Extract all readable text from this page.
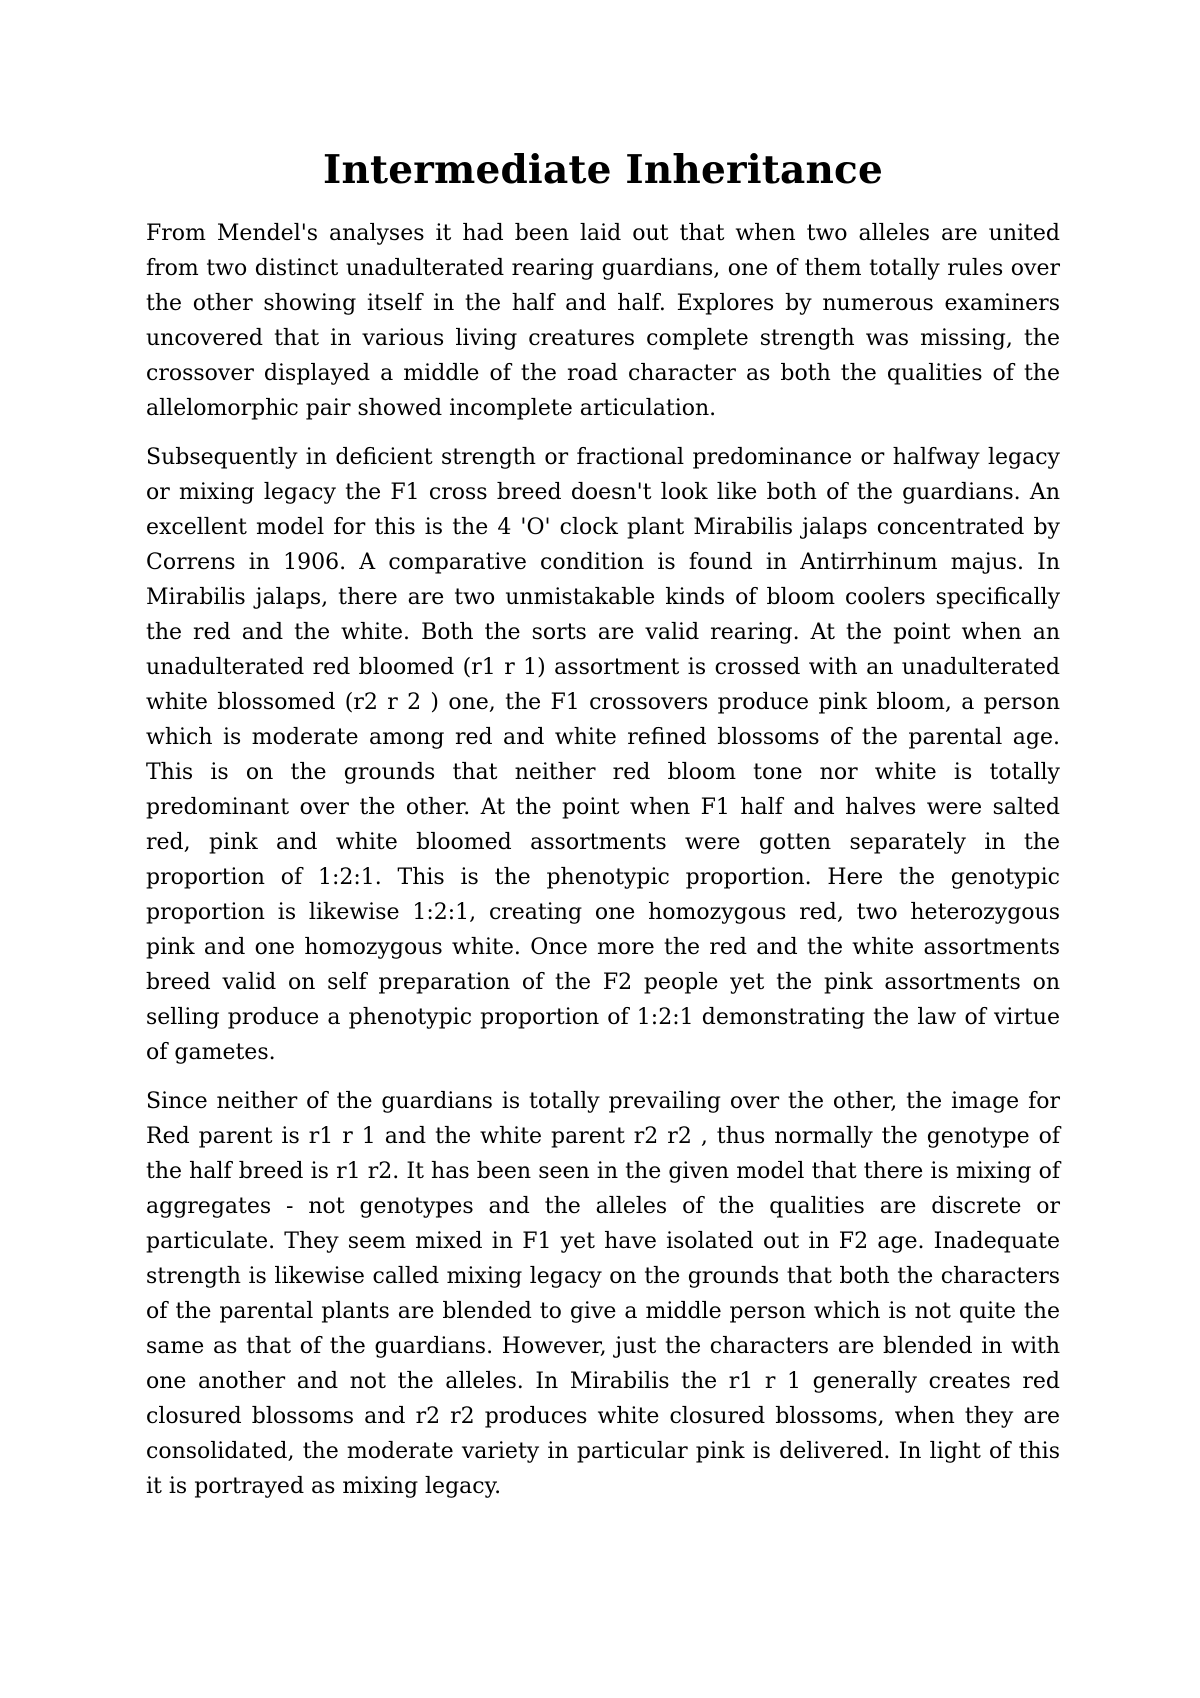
Intermediate Inheritance

From Mendel's analyses it had been laid out that when two alleles are united from two distinct unadulterated rearing guardians, one of them totally rules over the other showing itself in the half and half. Explores by numerous examiners uncovered that in various living creatures complete strength was missing, the crossover displayed a middle of the road character as both the qualities of the allelomorphic pair showed incomplete articulation.

Subsequently in deficient strength or fractional predominance or halfway legacy or mixing legacy the F1 cross breed doesn't look like both of the guardians. An excellent model for this is the 4 'O' clock plant Mirabilis jalaps concentrated by Correns in 1906. A comparative condition is found in Antirrhinum majus. In Mirabilis jalaps, there are two unmistakable kinds of bloom coolers specifically the red and the white. Both the sorts are valid rearing. At the point when an unadulterated red bloomed (r1 r 1) assortment is crossed with an unadulterated white blossomed (r2 r 2 ) one, the F1 crossovers produce pink bloom, a person which is moderate among red and white refined blossoms of the parental age. This is on the grounds that neither red bloom tone nor white is totally predominant over the other. At the point when F1 half and halves were salted red, pink and white bloomed assortments were gotten separately in the proportion of 1:2:1. This is the phenotypic proportion. Here the genotypic proportion is likewise 1:2:1, creating one homozygous red, two heterozygous pink and one homozygous white. Once more the red and the white assortments breed valid on self preparation of the F2 people yet the pink assortments on selling produce a phenotypic proportion of 1:2:1 demonstrating the law of virtue of gametes.

Since neither of the guardians is totally prevailing over the other, the image for Red parent is r1 r 1 and the white parent r2 r2 , thus normally the genotype of the half breed is r1 r2. It has been seen in the given model that there is mixing of aggregates - not genotypes and the alleles of the qualities are discrete or particulate. They seem mixed in F1 yet have isolated out in F2 age. Inadequate strength is likewise called mixing legacy on the grounds that both the characters of the parental plants are blended to give a middle person which is not quite the same as that of the guardians. However, just the characters are blended in with one another and not the alleles. In Mirabilis the r1 r 1 generally creates red closured blossoms and r2 r2 produces white closured blossoms, when they are consolidated, the moderate variety in particular pink is delivered. In light of this it is portrayed as mixing legacy.
